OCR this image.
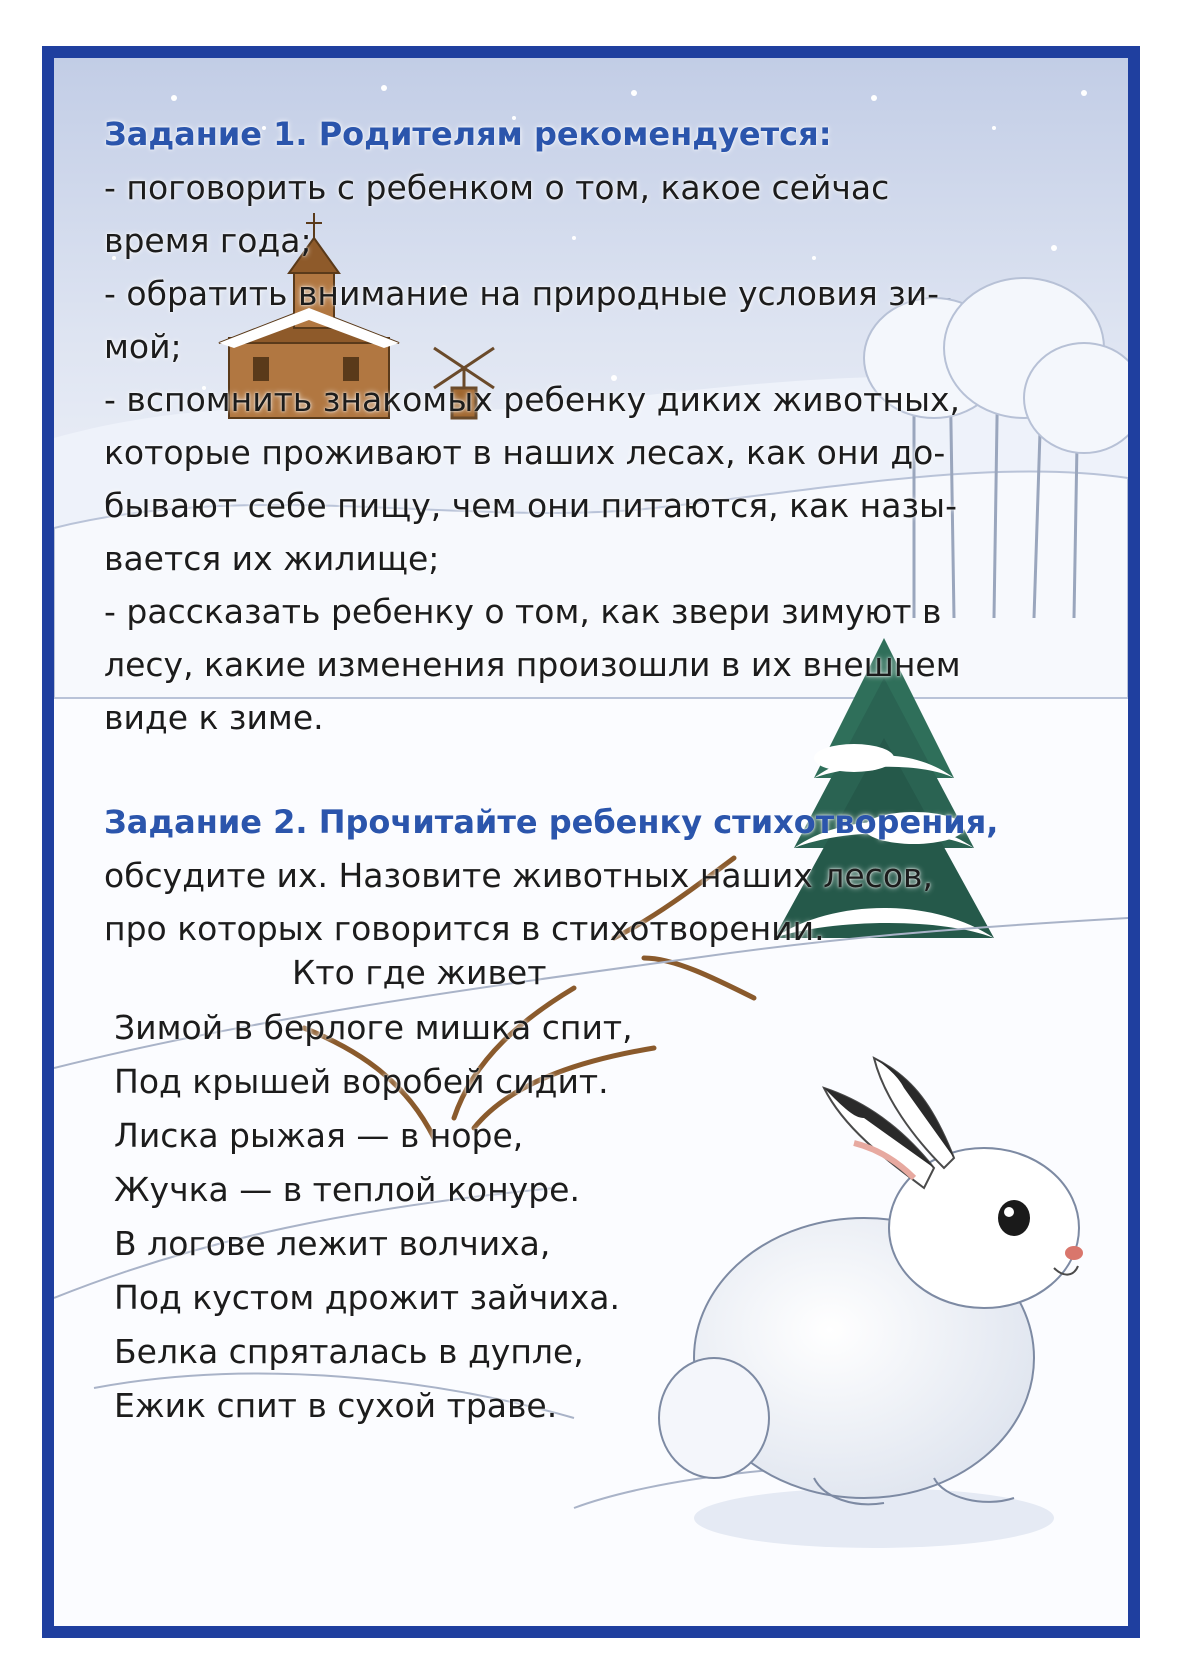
Задание 1. Родителям рекомендуется:
- поговорить с ребенком о том, какое сейчас
время года;
- обратить внимание на природные условия зи-
мой;
- вспомнить знакомых ребенку диких животных,
которые проживают в наших лесах, как они до-
бывают себе пищу, чем они питаются, как назы-
вается их жилище;
- рассказать ребенку о том, как звери зимуют в
лесу, какие изменения произошли в их внешнем
виде к зиме.
Задание 2. Прочитайте ребенку стихотворения,
обсудите их. Назовите животных наших лесов,
про которых говорится в стихотворении.
Кто где живет
Зимой в берлоге мишка спит,
Под крышей воробей сидит.
Лиска рыжая — в норе,
Жучка — в теплой конуре.
В логове лежит волчиха,
Под кустом дрожит зайчиха.
Белка спряталась в дупле,
Ежик спит в сухой траве.
